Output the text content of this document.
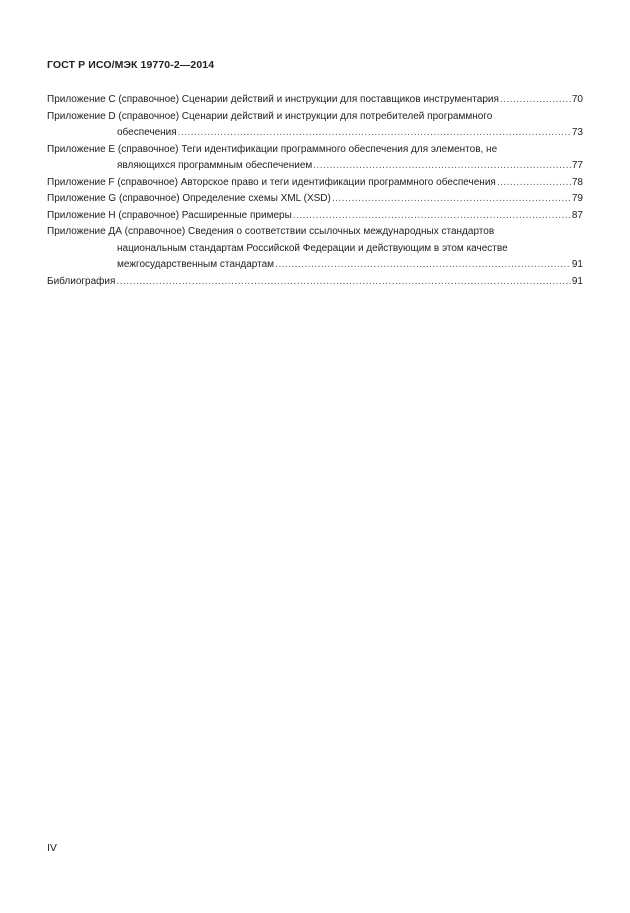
ГОСТ Р ИСО/МЭК 19770-2—2014
Приложение С (справочное) Сценарии действий и инструкции для поставщиков инструментария .....	70
Приложение D (справочное) Сценарии действий и инструкции для потребителей программного
обеспечения .....	73
Приложение E (справочное) Теги идентификации программного обеспечения для элементов, не
являющихся программным обеспечением .....	77
Приложение F (справочное) Авторское право и теги идентификации программного обеспечения .....	78
Приложение G (справочное) Определение схемы XML (XSD) .....	79
Приложение H (справочное) Расширенные примеры .....	87
Приложение ДА (справочное) Сведения о соответствии ссылочных международных стандартов
национальным стандартам Российской Федерации и действующим в этом качестве
межгосударственным стандартам .....	91
Библиография .....	91
IV
